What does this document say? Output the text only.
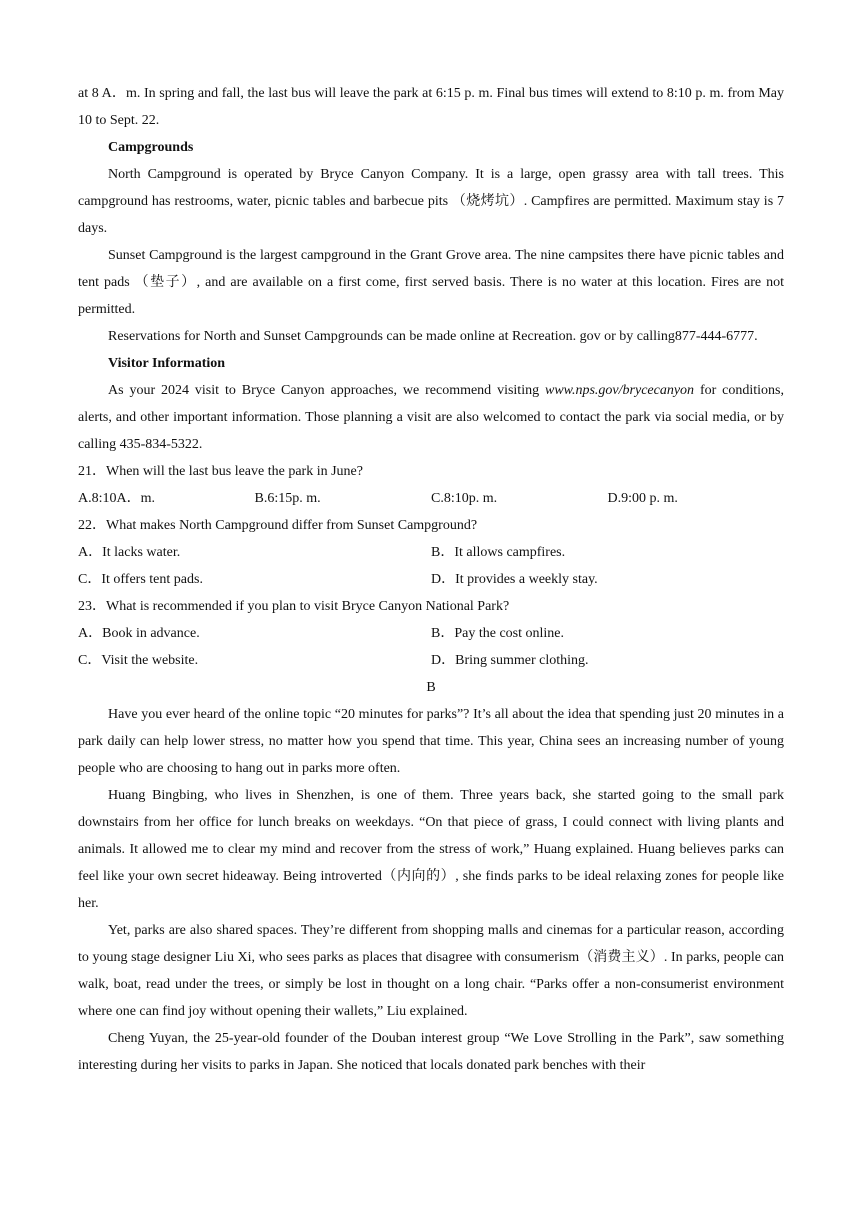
at 8 A．m. In spring and fall, the last bus will leave the park at 6:15 p. m. Final bus times will extend to 8:10 p. m. from May 10 to Sept. 22.

Campgrounds

North Campground is operated by Bryce Canyon Company. It is a large, open grassy area with tall trees. This campground has restrooms, water, picnic tables and barbecue pits （烧烤坑）. Campfires are permitted. Maximum stay is 7 days.

Sunset Campground is the largest campground in the Grant Grove area. The nine campsites there have picnic tables and tent pads （垫子）, and are available on a first come, first served basis. There is no water at this location. Fires are not permitted.

Reservations for North and Sunset Campgrounds can be made online at Recreation. gov or by calling877-444-6777.

Visitor Information

As your 2024 visit to Bryce Canyon approaches, we recommend visiting www.nps.gov/brycecanyon for conditions, alerts, and other important information. Those planning a visit are also welcomed to contact the park via social media, or by calling 435-834-5322.

21．When will the last bus leave the park in June?

A.8:10A．m.	B.6:15p. m.	C.8:10p. m.	D.9:00 p. m.

22．What makes North Campground differ from Sunset Campground?

A．It lacks water.	B．It allows campfires.
C．It offers tent pads.	D．It provides a weekly stay.

23．What is recommended if you plan to visit Bryce Canyon National Park?

A．Book in advance.	B．Pay the cost online.
C．Visit the website.	D．Bring summer clothing.

B

Have you ever heard of the online topic “20 minutes for parks”? It’s all about the idea that spending just 20 minutes in a park daily can help lower stress, no matter how you spend that time. This year, China sees an increasing number of young people who are choosing to hang out in parks more often.

Huang Bingbing, who lives in Shenzhen, is one of them. Three years back, she started going to the small park downstairs from her office for lunch breaks on weekdays. “On that piece of grass, I could connect with living plants and animals. It allowed me to clear my mind and recover from the stress of work,” Huang explained. Huang believes parks can feel like your own secret hideaway. Being introverted（内向的）, she finds parks to be ideal relaxing zones for people like her.

Yet, parks are also shared spaces. They’re different from shopping malls and cinemas for a particular reason, according to young stage designer Liu Xi, who sees parks as places that disagree with consumerism（消费主义）. In parks, people can walk, boat, read under the trees, or simply be lost in thought on a long chair. “Parks offer a non-consumerist environment where one can find joy without opening their wallets,” Liu explained.

Cheng Yuyan, the 25-year-old founder of the Douban interest group “We Love Strolling in the Park”, saw something interesting during her visits to parks in Japan. She noticed that locals donated park benches with their
